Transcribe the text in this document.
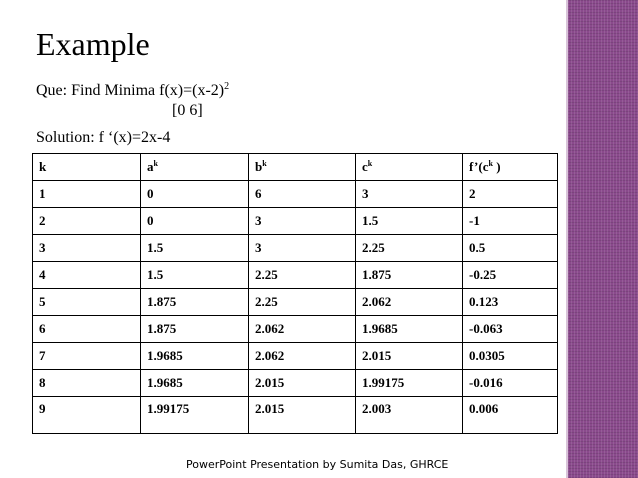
Example
Que: Find Minima $f(x)=(x-2)^2$
[0 6]
Solution: f ‘(x)=2x-4
k	$a^k$	$b^k$	$c^k$	$f’(c^k$ )
1	0	6	3	2
2	0	3	1.5	-1
3	1.5	3	2.25	0.5
4	1.5	2.25	1.875	-0.25
5	1.875	2.25	2.062	0.123
6	1.875	2.062	1.9685	-0.063
7	1.9685	2.062	2.015	0.0305
8	1.9685	2.015	1.99175	-0.016
9	1.99175	2.015	2.003	0.006
PowerPoint Presentation by Sumita Das, GHRCE
